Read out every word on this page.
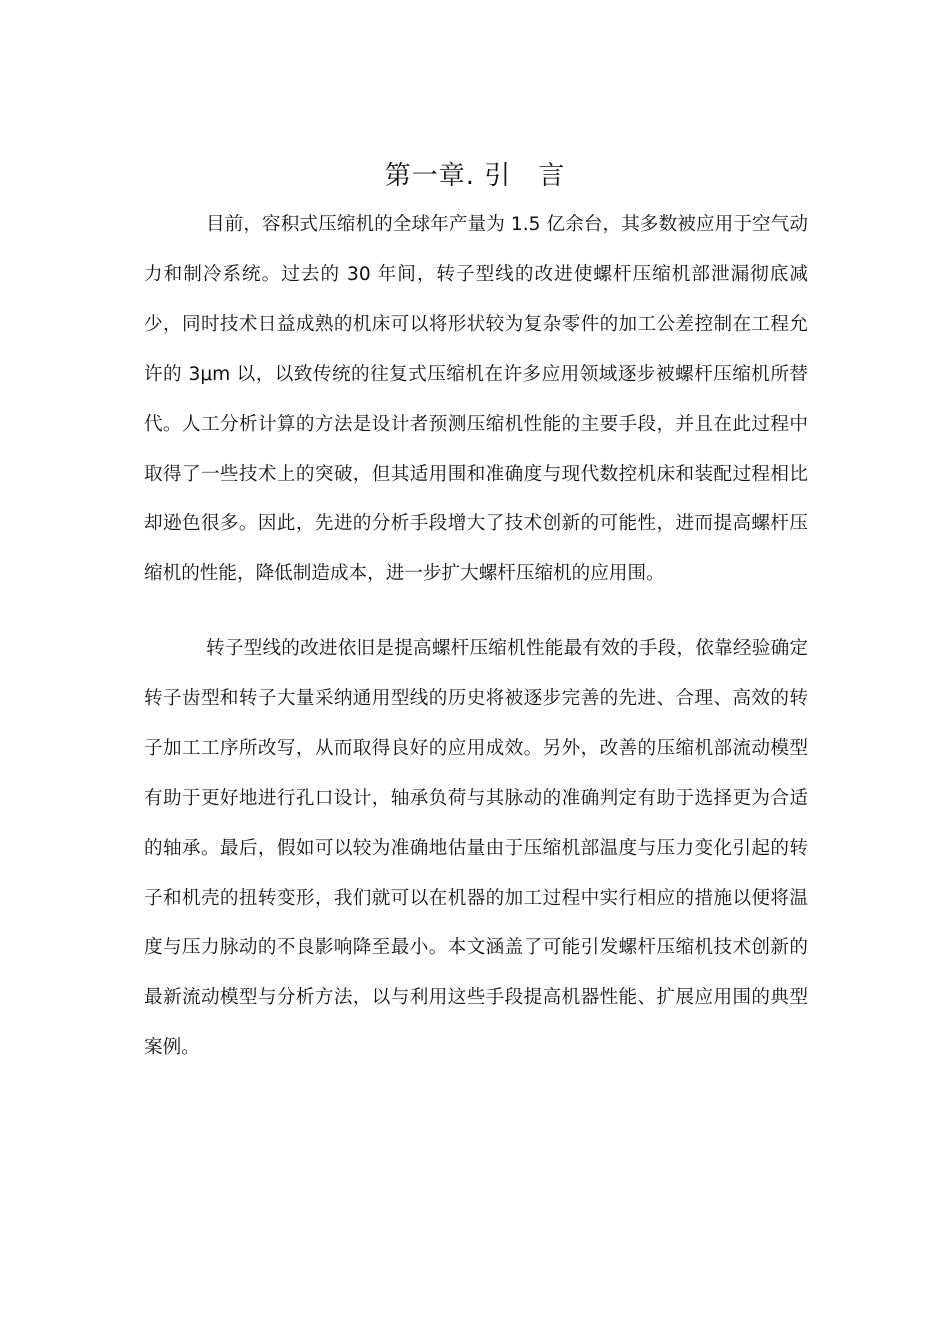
第一章. 引　言

目前，容积式压缩机的全球年产量为 1.5 亿余台，其多数被应用于空气动力和制冷系统。过去的 30 年间，转子型线的改进使螺杆压缩机部泄漏彻底减少，同时技术日益成熟的机床可以将形状较为复杂零件的加工公差控制在工程允许的 3μm 以，以致传统的往复式压缩机在许多应用领域逐步被螺杆压缩机所替代。人工分析计算的方法是设计者预测压缩机性能的主要手段，并且在此过程中取得了一些技术上的突破，但其适用围和准确度与现代数控机床和装配过程相比却逊色很多。因此，先进的分析手段增大了技术创新的可能性，进而提高螺杆压缩机的性能，降低制造成本，进一步扩大螺杆压缩机的应用围。

转子型线的改进依旧是提高螺杆压缩机性能最有效的手段，依靠经验确定转子齿型和转子大量采纳通用型线的历史将被逐步完善的先进、合理、高效的转子加工工序所改写，从而取得良好的应用成效。另外，改善的压缩机部流动模型有助于更好地进行孔口设计，轴承负荷与其脉动的准确判定有助于选择更为合适的轴承。最后，假如可以较为准确地估量由于压缩机部温度与压力变化引起的转子和机壳的扭转变形，我们就可以在机器的加工过程中实行相应的措施以便将温度与压力脉动的不良影响降至最小。本文涵盖了可能引发螺杆压缩机技术创新的最新流动模型与分析方法，以与利用这些手段提高机器性能、扩展应用围的典型案例。
